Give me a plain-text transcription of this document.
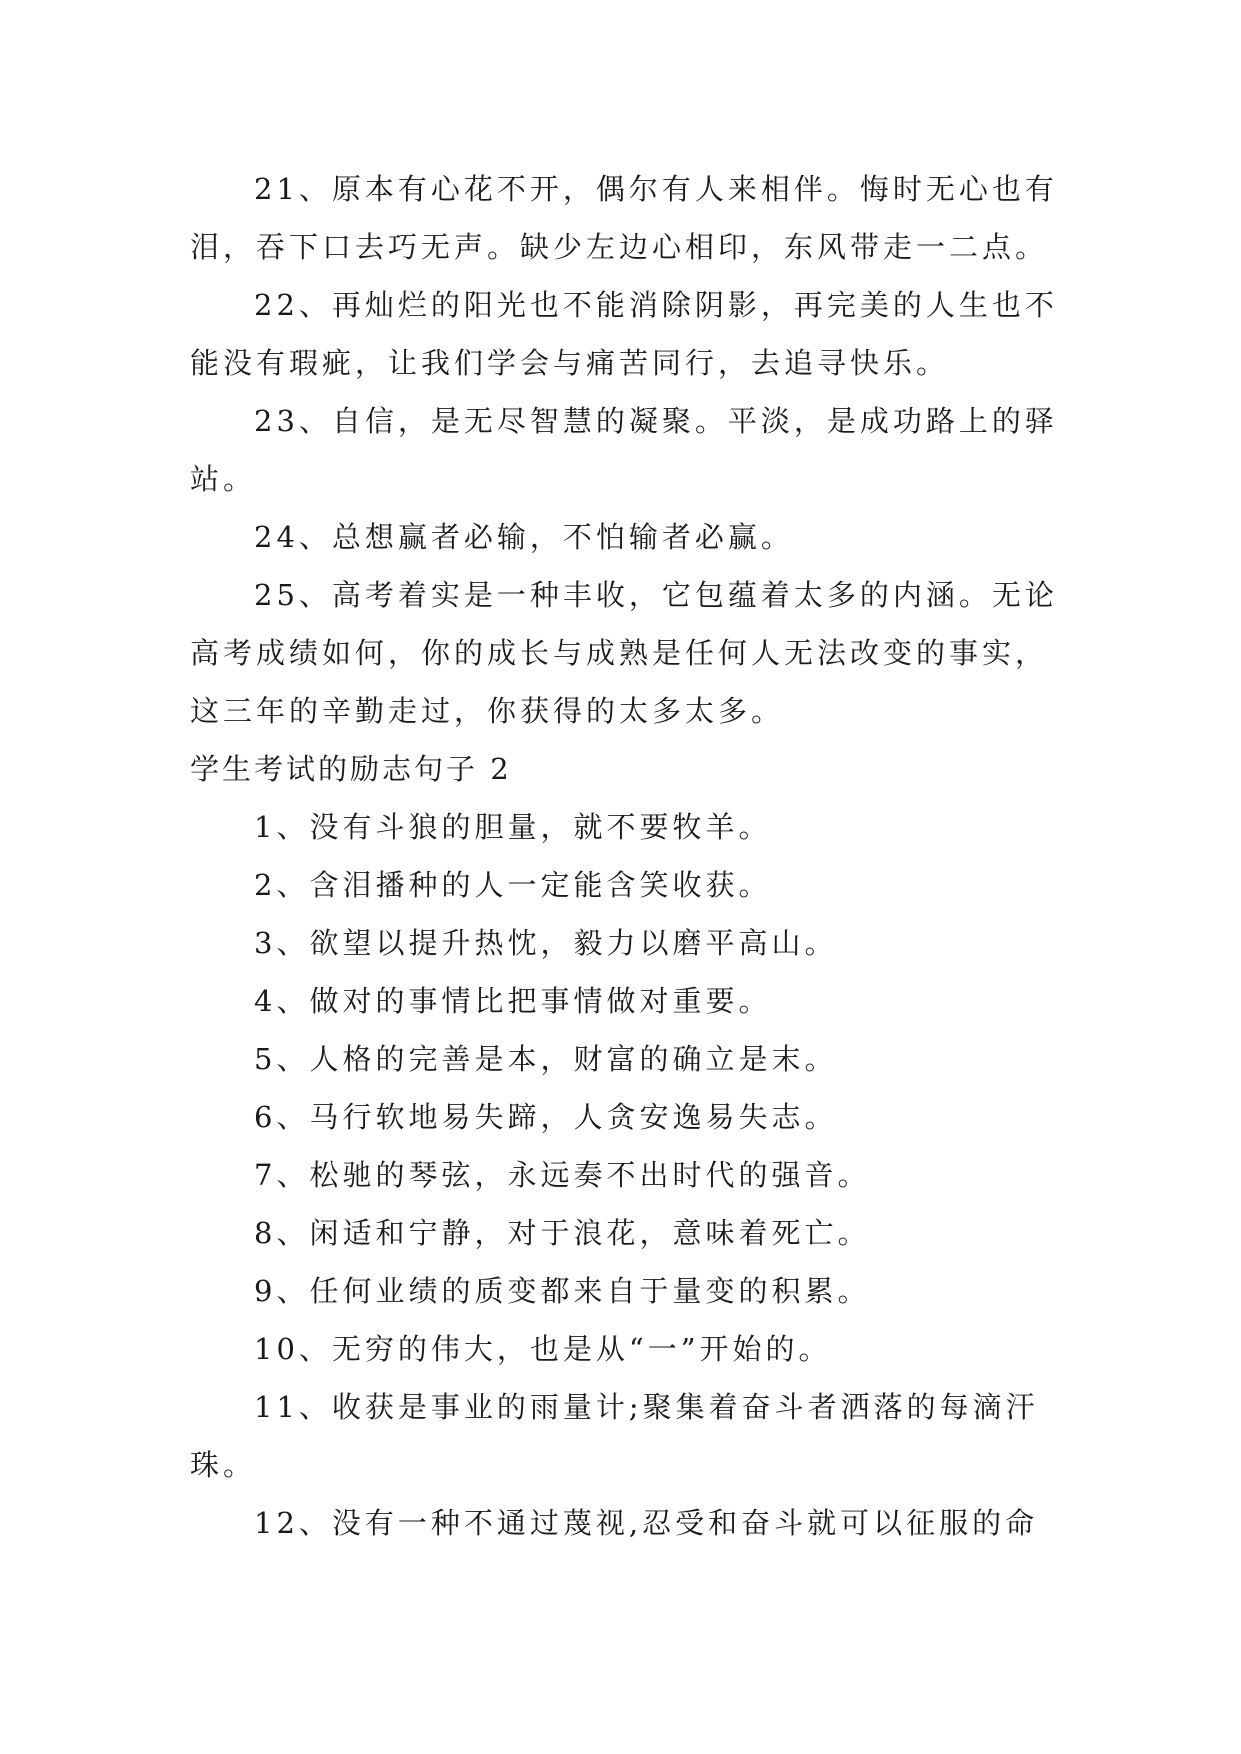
21、原本有心花不开，偶尔有人来相伴。悔时无心也有泪，吞下口去巧无声。缺少左边心相印，东风带走一二点。

22、再灿烂的阳光也不能消除阴影，再完美的人生也不能没有瑕疵，让我们学会与痛苦同行，去追寻快乐。

23、自信，是无尽智慧的凝聚。平淡，是成功路上的驿站。

24、总想赢者必输，不怕输者必赢。

25、高考着实是一种丰收，它包蕴着太多的内涵。无论高考成绩如何，你的成长与成熟是任何人无法改变的事实，这三年的辛勤走过，你获得的太多太多。

学生考试的励志句子 2

1、没有斗狼的胆量，就不要牧羊。

2、含泪播种的人一定能含笑收获。

3、欲望以提升热忱，毅力以磨平高山。

4、做对的事情比把事情做对重要。

5、人格的完善是本，财富的确立是末。

6、马行软地易失蹄，人贪安逸易失志。

7、松驰的琴弦，永远奏不出时代的强音。

8、闲适和宁静，对于浪花，意味着死亡。

9、任何业绩的质变都来自于量变的积累。

10、无穷的伟大，也是从“一”开始的。

11、收获是事业的雨量计;聚集着奋斗者洒落的每滴汗珠。

12、没有一种不通过蔑视,忍受和奋斗就可以征服的命
